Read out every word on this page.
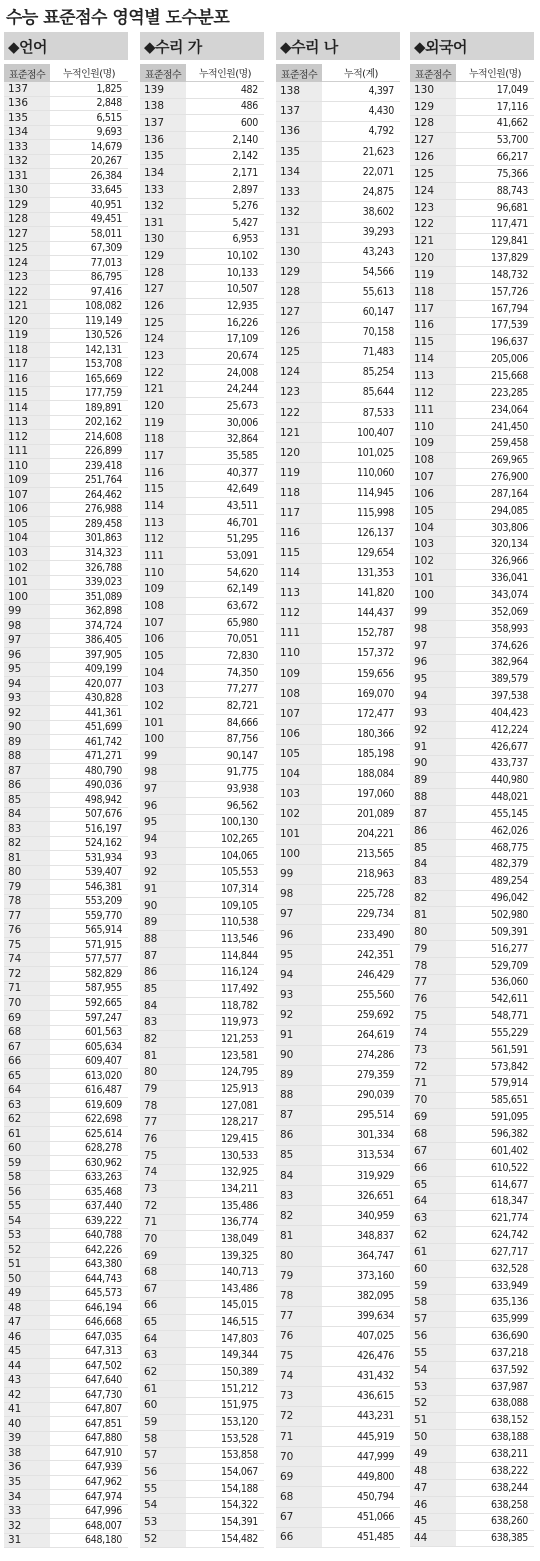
수능 표준점수 영역별 도수분포
◆언어
표준점수	누적인원(명)
137	1,825
136	2,848
135	6,515
134	9,693
133	14,679
132	20,267
131	26,384
130	33,645
129	40,951
128	49,451
127	58,011
125	67,309
124	77,013
123	86,795
122	97,416
121	108,082
120	119,149
119	130,526
118	142,131
117	153,708
116	165,669
115	177,759
114	189,891
113	202,162
112	214,608
111	226,899
110	239,418
109	251,764
107	264,462
106	276,988
105	289,458
104	301,863
103	314,323
102	326,788
101	339,023
100	351,089
99	362,898
98	374,724
97	386,405
96	397,905
95	409,199
94	420,077
93	430,828
92	441,361
90	451,699
89	461,742
88	471,271
87	480,790
86	490,036
85	498,942
84	507,676
83	516,197
82	524,162
81	531,934
80	539,407
79	546,381
78	553,209
77	559,770
76	565,914
75	571,915
74	577,577
72	582,829
71	587,955
70	592,665
69	597,247
68	601,563
67	605,634
66	609,407
65	613,020
64	616,487
63	619,609
62	622,698
61	625,614
60	628,278
59	630,962
58	633,263
56	635,468
55	637,440
54	639,222
53	640,788
52	642,226
51	643,380
50	644,743
49	645,573
48	646,194
47	646,668
46	647,035
45	647,313
44	647,502
43	647,640
42	647,730
41	647,807
40	647,851
39	647,880
38	647,910
36	647,939
35	647,962
34	647,974
33	647,996
32	648,007
31	648,180
◆수리 가
표준점수	누적인원(명)
139	482
138	486
137	600
136	2,140
135	2,142
134	2,171
133	2,897
132	5,276
131	5,427
130	6,953
129	10,102
128	10,133
127	10,507
126	12,935
125	16,226
124	17,109
123	20,674
122	24,008
121	24,244
120	25,673
119	30,006
118	32,864
117	35,585
116	40,377
115	42,649
114	43,511
113	46,701
112	51,295
111	53,091
110	54,620
109	62,149
108	63,672
107	65,980
106	70,051
105	72,830
104	74,350
103	77,277
102	82,721
101	84,666
100	87,756
99	90,147
98	91,775
97	93,938
96	96,562
95	100,130
94	102,265
93	104,065
92	105,553
91	107,314
90	109,105
89	110,538
88	113,546
87	114,844
86	116,124
85	117,492
84	118,782
83	119,973
82	121,253
81	123,581
80	124,795
79	125,913
78	127,081
77	128,217
76	129,415
75	130,533
74	132,925
73	134,211
72	135,486
71	136,774
70	138,049
69	139,325
68	140,713
67	143,486
66	145,015
65	146,515
64	147,803
63	149,344
62	150,389
61	151,212
60	151,975
59	153,120
58	153,528
57	153,858
56	154,067
55	154,188
54	154,322
53	154,391
52	154,482
◆수리 나
표준점수	누적(계)
138	4,397
137	4,430
136	4,792
135	21,623
134	22,071
133	24,875
132	38,602
131	39,293
130	43,243
129	54,566
128	55,613
127	60,147
126	70,158
125	71,483
124	85,254
123	85,644
122	87,533
121	100,407
120	101,025
119	110,060
118	114,945
117	115,998
116	126,137
115	129,654
114	131,353
113	141,820
112	144,437
111	152,787
110	157,372
109	159,656
108	169,070
107	172,477
106	180,366
105	185,198
104	188,084
103	197,060
102	201,089
101	204,221
100	213,565
99	218,963
98	225,728
97	229,734
96	233,490
95	242,351
94	246,429
93	255,560
92	259,692
91	264,619
90	274,286
89	279,359
88	290,039
87	295,514
86	301,334
85	313,534
84	319,929
83	326,651
82	340,959
81	348,837
80	364,747
79	373,160
78	382,095
77	399,634
76	407,025
75	426,476
74	431,432
73	436,615
72	443,231
71	445,919
70	447,999
69	449,800
68	450,794
67	451,066
66	451,485
◆외국어
표준점수	누적인원(명)
130	17,049
129	17,116
128	41,662
127	53,700
126	66,217
125	75,366
124	88,743
123	96,681
122	117,471
121	129,841
120	137,829
119	148,732
118	157,726
117	167,794
116	177,539
115	196,637
114	205,006
113	215,668
112	223,285
111	234,064
110	241,450
109	259,458
108	269,965
107	276,900
106	287,164
105	294,085
104	303,806
103	320,134
102	326,966
101	336,041
100	343,074
99	352,069
98	358,993
97	374,626
96	382,964
95	389,579
94	397,538
93	404,423
92	412,224
91	426,677
90	433,737
89	440,980
88	448,021
87	455,145
86	462,026
85	468,775
84	482,379
83	489,254
82	496,042
81	502,980
80	509,391
79	516,277
78	529,709
77	536,060
76	542,611
75	548,771
74	555,229
73	561,591
72	573,842
71	579,914
70	585,651
69	591,095
68	596,382
67	601,402
66	610,522
65	614,677
64	618,347
63	621,774
62	624,742
61	627,717
60	632,528
59	633,949
58	635,136
57	635,999
56	636,690
55	637,218
54	637,592
53	637,987
52	638,088
51	638,152
50	638,188
49	638,211
48	638,222
47	638,244
46	638,258
45	638,260
44	638,385
